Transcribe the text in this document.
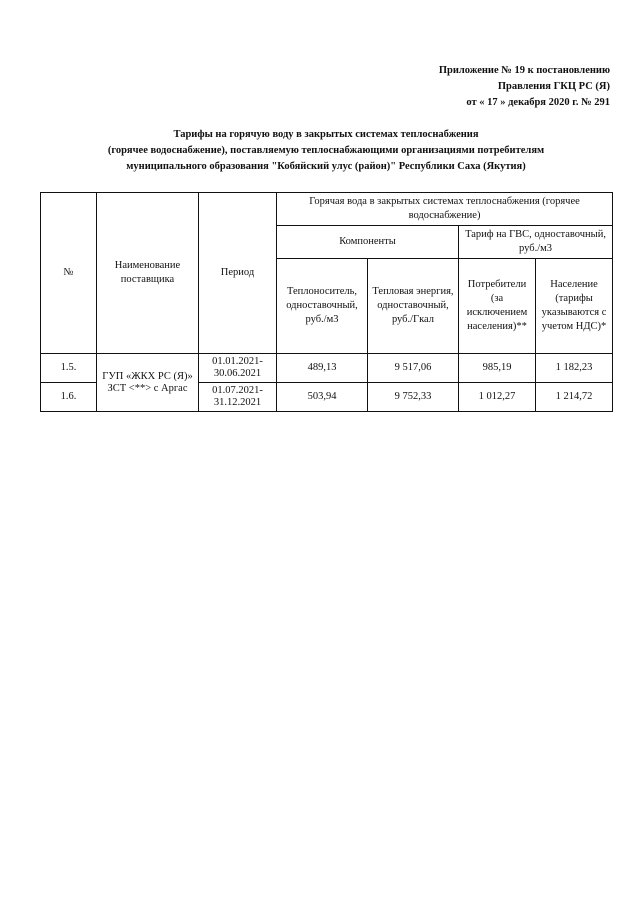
Приложение № 19 к постановлению
Правления ГКЦ РС (Я)
от « 17 » декабря 2020 г. № 291
Тарифы на горячую воду в закрытых системах теплоснабжения
(горячее водоснабжение), поставляемую теплоснабжающими организациями потребителям
муниципального образования "Кобяйский улус (район)" Республики Саха (Якутия)
№	Наименование поставщика	Период	Горячая вода в закрытых системах теплоснабжения (горячее водоснабжение)			
			Компоненты		Тариф на ГВС, одноставочный, руб./м3	
			Теплоноситель, одноставочный, руб./м3	Тепловая энергия, одноставочный, руб./Гкал	Потребители (за исключением населения)**	Население (тарифы указываются с учетом НДС)*
1.5.	ГУП «ЖКХ РС (Я)» ЗСТ <**> с Аргас	01.01.2021-30.06.2021	489,13	9 517,06	985,19	1 182,23
1.6.		01.07.2021-31.12.2021	503,94	9 752,33	1 012,27	1 214,72
